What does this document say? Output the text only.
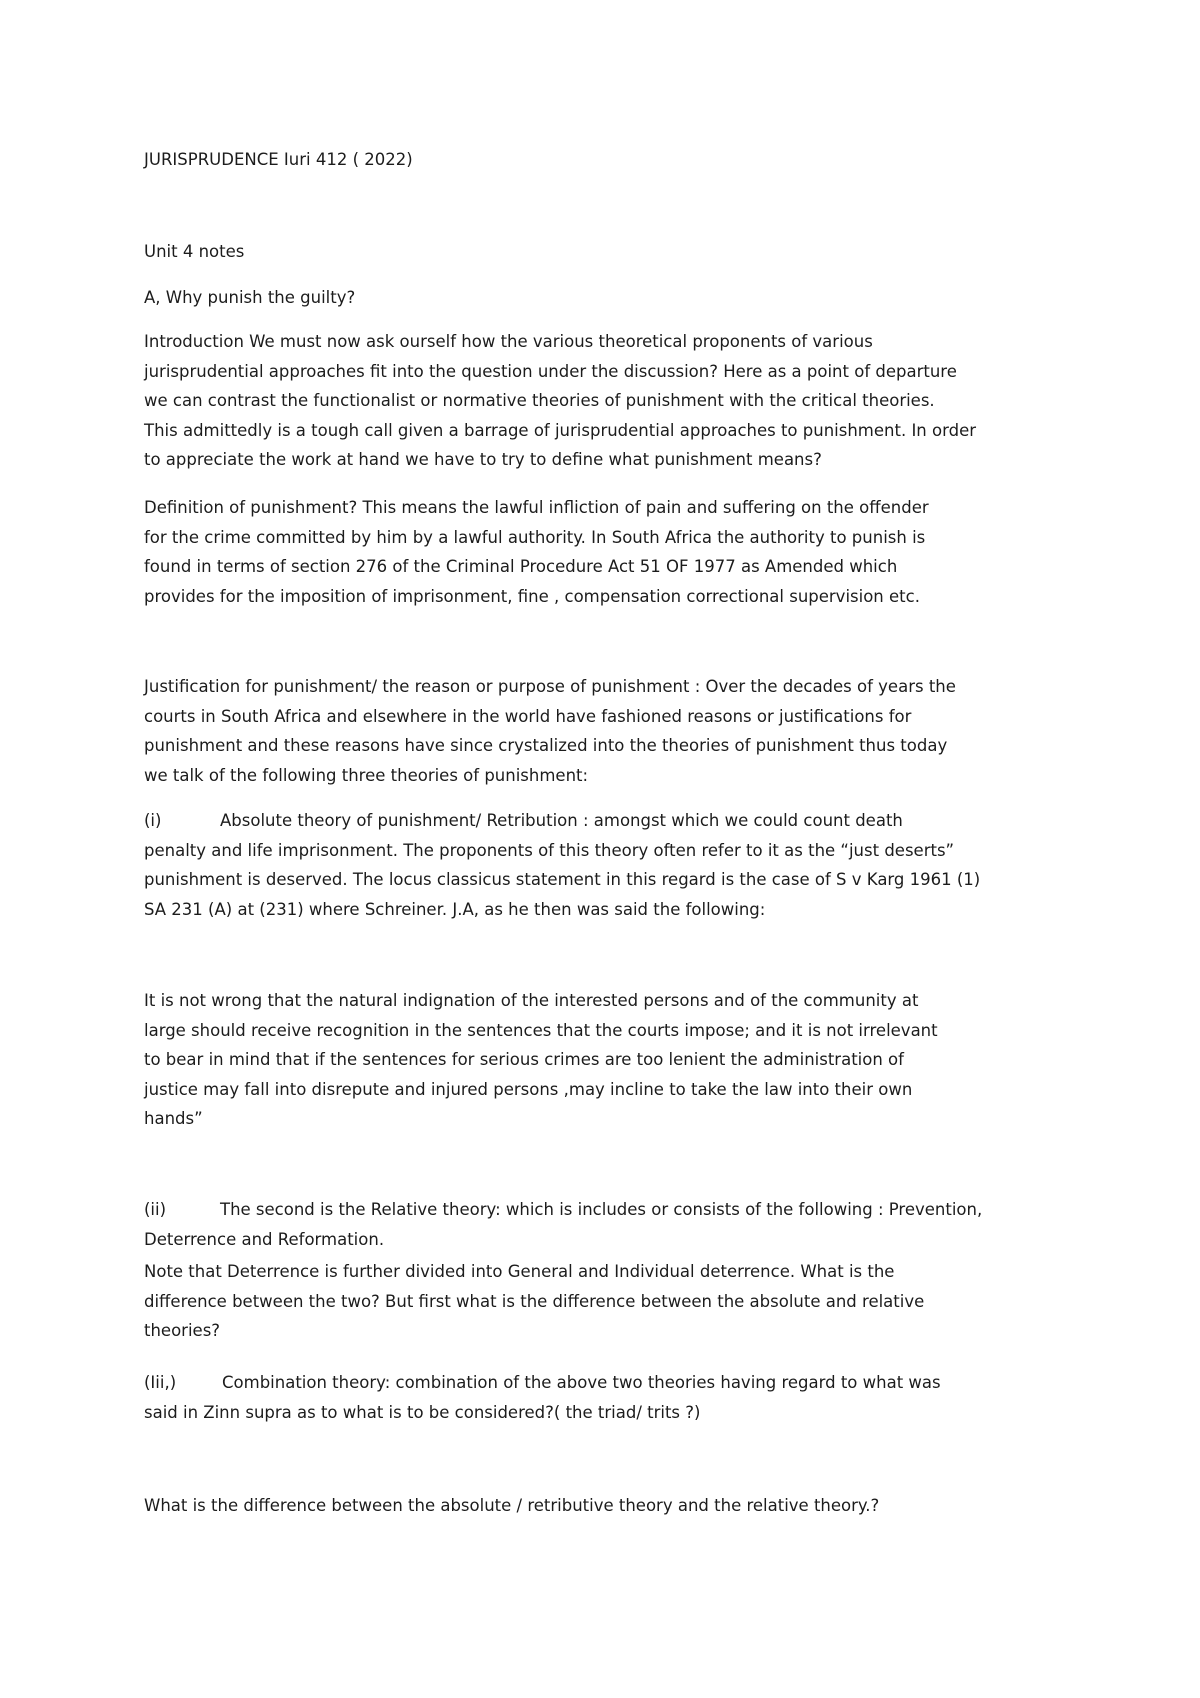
JURISPRUDENCE Iuri 412 ( 2022)

Unit 4 notes

A, Why punish the guilty?

Introduction We must now ask ourself how the various theoretical proponents of various
jurisprudential approaches fit into the question under the discussion? Here as a point of departure
we can contrast the functionalist or normative theories of punishment with the critical theories.
This admittedly is a tough call given a barrage of jurisprudential approaches to punishment. In order
to appreciate the work at hand we have to try to define what punishment means?

Definition of punishment? This means the lawful infliction of pain and suffering on the offender
for the crime committed by him by a lawful authority. In South Africa the authority to punish is
found in terms of section 276 of the Criminal Procedure Act 51 OF 1977 as Amended which
provides for the imposition of imprisonment, fine , compensation correctional supervision etc.

Justification for punishment/ the reason or purpose of punishment : Over the decades of years the
courts in South Africa and elsewhere in the world have fashioned reasons or justifications for
punishment and these reasons have since crystalized into the theories of punishment thus today
we talk of the following three theories of punishment:

(i)	Absolute theory of punishment/ Retribution : amongst which we could count death
penalty and life imprisonment. The proponents of this theory often refer to it as the “just deserts”
punishment is deserved. The locus classicus statement in this regard is the case of S v Karg 1961 (1)
SA 231 (A) at (231) where Schreiner. J.A, as he then was said the following:

It is not wrong that the natural indignation of the interested persons and of the community at
large should receive recognition in the sentences that the courts impose; and it is not irrelevant
to bear in mind that if the sentences for serious crimes are too lenient the administration of
justice may fall into disrepute and injured persons ,may incline to take the law into their own
hands”

(ii)	The second is the Relative theory: which is includes or consists of the following : Prevention,
Deterrence and Reformation.

Note that Deterrence is further divided into General and Individual deterrence. What is the
difference between the two? But first what is the difference between the absolute and relative
theories?

(Iii,)	Combination theory: combination of the above two theories having regard to what was
said in Zinn supra as to what is to be considered?( the triad/ trits ?)

What is the difference between the absolute / retributive theory and the relative theory.?
